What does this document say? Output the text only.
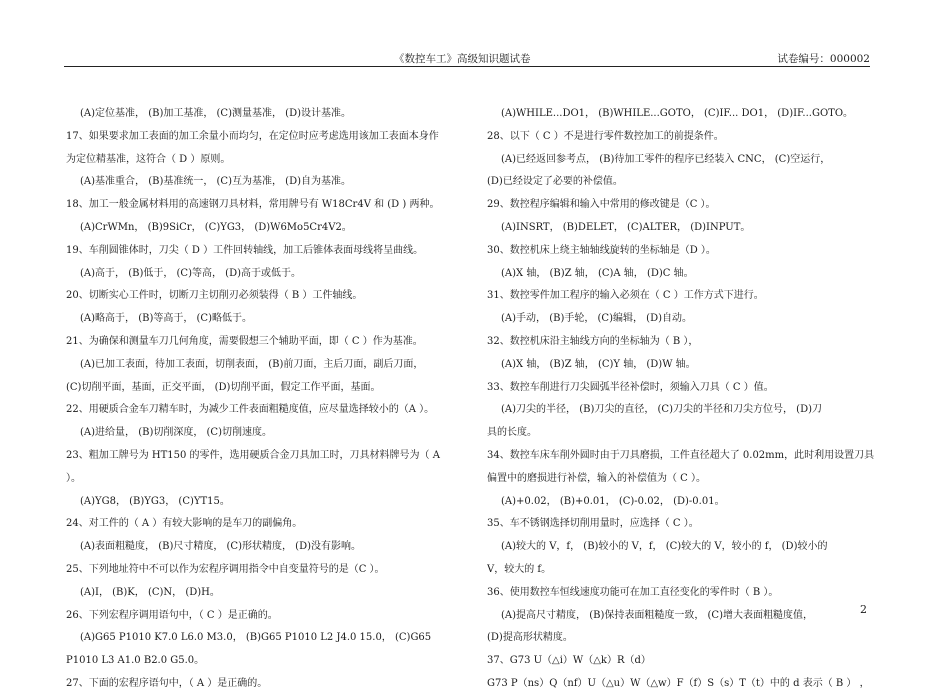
《数控车工》高级知识题试卷	试卷编号：000002
(A)定位基准， (B)加工基准， (C)测量基准， (D)设计基准。
17、如果要求加工表面的加工余量小而均匀，在定位时应考虑选用该加工表面本身作
为定位精基准，这符合（ D ）原则。
(A)基准重合， (B)基准统一， (C)互为基准， (D)自为基准。
18、加工一般金属材料用的高速钢刀具材料，常用牌号有 W18Cr4V 和 (D ) 两种。
(A)CrWMn， (B)9SiCr， (C)YG3， (D)W6Mo5Cr4V2。
19、车削圆锥体时，刀尖（ D ）工件回转轴线，加工后锥体表面母线将呈曲线。
(A)高于， (B)低于， (C)等高， (D)高于或低于。
20、切断实心工件时，切断刀主切削刃必须装得（ B ）工件轴线。
(A)略高于， (B)等高于， (C)略低于。
21、为确保和测量车刀几何角度，需要假想三个辅助平面，即（ C ）作为基准。
(A)已加工表面，待加工表面，切削表面， (B)前刀面，主后刀面，副后刀面，
(C)切削平面，基面，正交平面， (D)切削平面，假定工作平面，基面。
22、用硬质合金车刀精车时，为减少工件表面粗糙度值，应尽量选择较小的（A ）。
(A)进给量， (B)切削深度， (C)切削速度。
23、粗加工牌号为 HT150 的零件，选用硬质合金刀具加工时，刀具材料牌号为（ A
）。
(A)YG8， (B)YG3， (C)YT15。
24、对工件的（ A ）有较大影响的是车刀的副偏角。
(A)表面粗糙度， (B)尺寸精度， (C)形状精度， (D)没有影响。
25、下列地址符中不可以作为宏程序调用指令中自变量符号的是（C ）。
(A)I， (B)K， (C)N， (D)H。
26、下列宏程序调用语句中，（ C ）是正确的。
(A)G65 P1010 K7.0 L6.0 M3.0， (B)G65 P1010 L2 J4.0 15.0， (C)G65
P1010 L3 A1.0 B2.0 G5.0。
27、下面的宏程序语句中，（ A ）是正确的。
(A)WHILE...DO1， (B)WHILE...GOTO， (C)IF... DO1， (D)IF...GOTO。
28、以下（ C ）不是进行零件数控加工的前提条件。
(A)已经返回参考点， (B)待加工零件的程序已经装入 CNC， (C)空运行，
(D)已经设定了必要的补偿值。
29、数控程序编辑和输入中常用的修改键是（C ）。
(A)INSRT， (B)DELET， (C)ALTER， (D)INPUT。
30、数控机床上绕主轴轴线旋转的坐标轴是（D ）。
(A)X 轴， (B)Z 轴， (C)A 轴， (D)C 轴。
31、数控零件加工程序的输入必须在（ C ）工作方式下进行。
(A)手动， (B)手轮， (C)编辑， (D)自动。
32、数控机床沿主轴线方向的坐标轴为（ B ），
(A)X 轴， (B)Z 轴， (C)Y 轴， (D)W 轴。
33、数控车削进行刀尖圆弧半径补偿时，须输入刀具（ C ）值。
(A)刀尖的半径， (B)刀尖的直径， (C)刀尖的半径和刀尖方位号， (D)刀
具的长度。
34、数控车床车削外圆时由于刀具磨损，工件直径超大了 0.02mm，此时利用设置刀具
偏置中的磨损进行补偿，输入的补偿值为（ C ）。
(A)+0.02， (B)+0.01， (C)-0.02， (D)-0.01。
35、车不锈钢选择切削用量时，应选择（ C ）。
(A)较大的 V，f， (B)较小的 V，f， (C)较大的 V，较小的 f， (D)较小的
V，较大的 f。
36、使用数控车恒线速度功能可在加工直径变化的零件时（ B ）。
(A)提高尺寸精度， (B)保持表面粗糙度一致， (C)增大表面粗糙度值，
(D)提高形状精度。
37、G73 U（△i）W（△k）R（d）
G73 P（ns）Q（nf）U（△u）W（△w）F（f）S（s）T（t）中的 d 表示（ B ） ，
2
